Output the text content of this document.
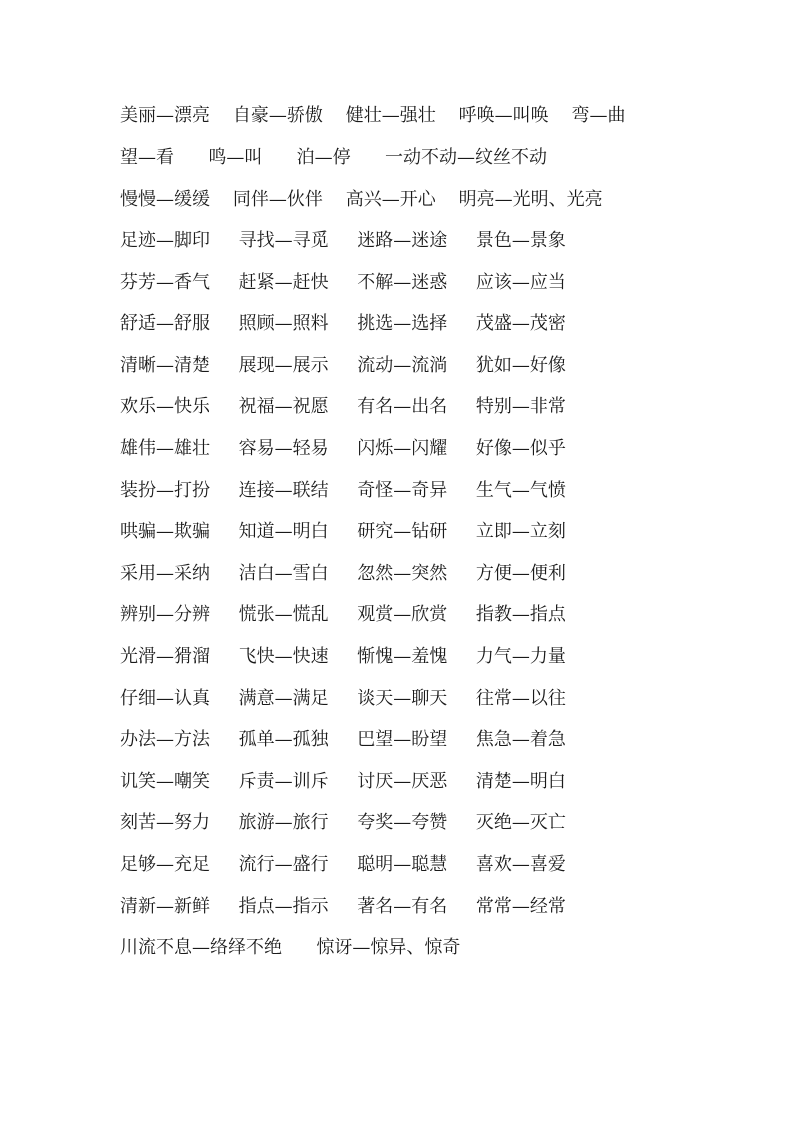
美丽—漂亮    自豪—骄傲    健壮—强壮    呼唤—叫唤    弯—曲
望—看      鸣—叫      泊—停      一动不动—纹丝不动
慢慢—缓缓    同伴—伙伴    高兴—开心    明亮—光明、光亮
足迹—脚印     寻找—寻觅     迷路—迷途     景色—景象
芬芳—香气     赶紧—赶快     不解—迷惑     应该—应当
舒适—舒服     照顾—照料     挑选—选择     茂盛—茂密
清晰—清楚     展现—展示     流动—流淌     犹如—好像
欢乐—快乐     祝福—祝愿     有名—出名     特别—非常
雄伟—雄壮     容易—轻易     闪烁—闪耀     好像—似乎
装扮—打扮     连接—联结     奇怪—奇异     生气—气愤
哄骗—欺骗     知道—明白     研究—钻研     立即—立刻
采用—采纳     洁白—雪白     忽然—突然     方便—便利
辨别—分辨     慌张—慌乱     观赏—欣赏     指教—指点
光滑—猾溜     飞快—快速     惭愧—羞愧     力气—力量
仔细—认真     满意—满足     谈天—聊天     往常—以往
办法—方法     孤单—孤独     巴望—盼望     焦急—着急
讥笑—嘲笑     斥责—训斥     讨厌—厌恶     清楚—明白
刻苦—努力     旅游—旅行     夸奖—夸赞     灭绝—灭亡
足够—充足     流行—盛行     聪明—聪慧     喜欢—喜爱
清新—新鲜     指点—指示     著名—有名     常常—经常
川流不息—络绎不绝      惊讶—惊异、惊奇
